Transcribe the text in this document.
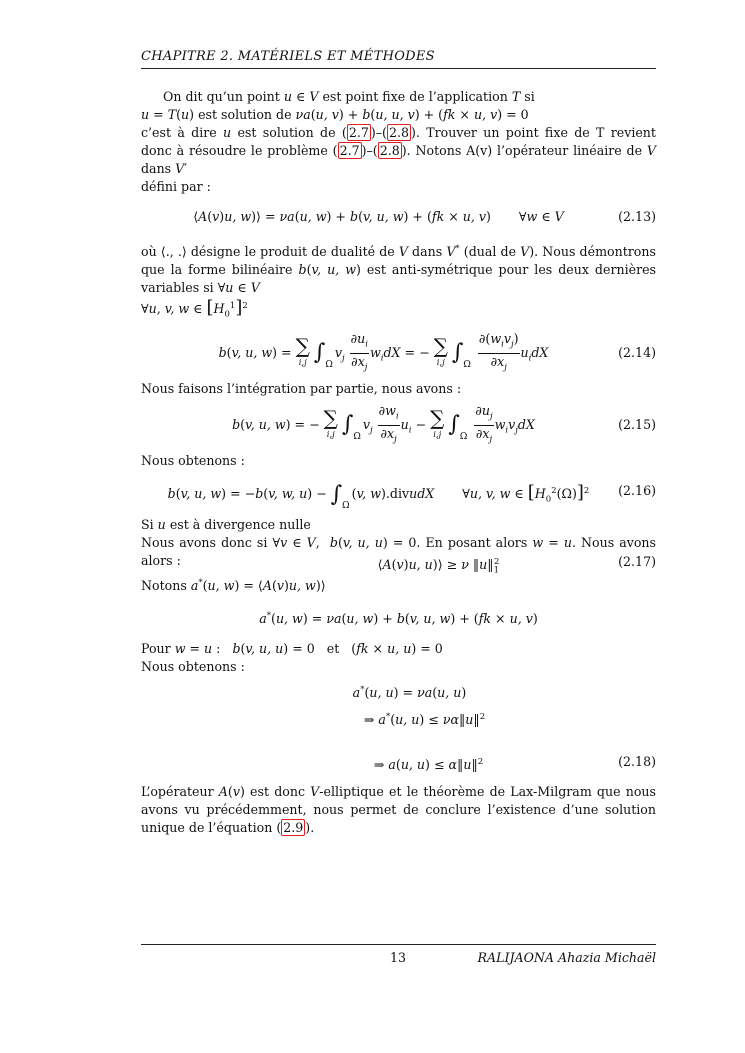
CHAPITRE 2. MATÉRIELS ET MÉTHODES

On dit qu’un point u ∈ V est point fixe de l’application T si
u = T(u) est solution de νa(u, v) + b(u, u, v) + (fk × u, v) = 0

c’est à dire u est solution de ( 2.7 )–( 2.8 ). Trouver un point fixe de T revient donc à résoudre le problème ( 2.7 )–( 2.8 ). Notons A(v) l’opérateur linéaire de V dans V′
défini par :

⟨A(v)u, w)⟩ = νa(u, w) + b(v, u, w) + (fk × u, v)       ∀w ∈ V	(2.13)

où ⟨., .⟩ désigne le produit de dualité de V dans V* (dual de V). Nous démontrons que la forme bilinéaire b(v, u, w) est anti-symétrique pour les deux dernières variables si ∀u ∈ V
∀u, v, w ∈ $[H_0^1]^2$

b(v, u, w) = ∑
i,j $\int_\Omega v_j \frac{\partial u_i}{\partial x_j} w_idX$ = − ∑
i,j $\int_\Omega \frac{\partial(w_iv_j)}{\partial x_j} u_idX$	(2.14)

Nous faisons l’intégration par partie, nous avons :

b(v, u, w) = − ∑
i,j $\int_\Omega v_j \frac{\partial w_i}{\partial x_j} u_i$ − ∑
i,j $\int_\Omega \frac{\partial u_j}{\partial x_j} w_iv_jdX$	(2.15)

Nous obtenons :

b(v, u, w) = −b(v, w, $u) - \int_\Omega(v$, w).divudX       ∀u, v, w ∈ $[H_0^2(\Omega)]^2$	(2.16)

Si u est à divergence nulle

Nous avons donc si ∀v ∈ V,  b(v, u, u) = 0. En posant alors w = u. Nous avons alors :	⟨A(v)u, u)⟩ ≥ ν $‖u‖_1^2$	(2.17)

Notons a*(u, w) = ⟨A(v)u, w)⟩

a*(u, w) = νa(u, w) + b(v, u, w) + (fk × u, v)

Pour w = u :   b(v, u, u) = 0   et   (fk × u, u) = 0

Nous obtenons :

a*(u, u) = νa(u, u)
⇒ a*(u, u) ≤ να‖u‖$^2$
⇒ a(u, u) ≤ α‖u‖$^2$	(2.18)

L’opérateur A(v) est donc V-elliptique et le théorème de Lax-Milgram que nous avons vu précédemment, nous permet de conclure l’existence d’une solution unique de l’équation ( 2.9 ).

13	RALIJAONA Ahazia Michaël
